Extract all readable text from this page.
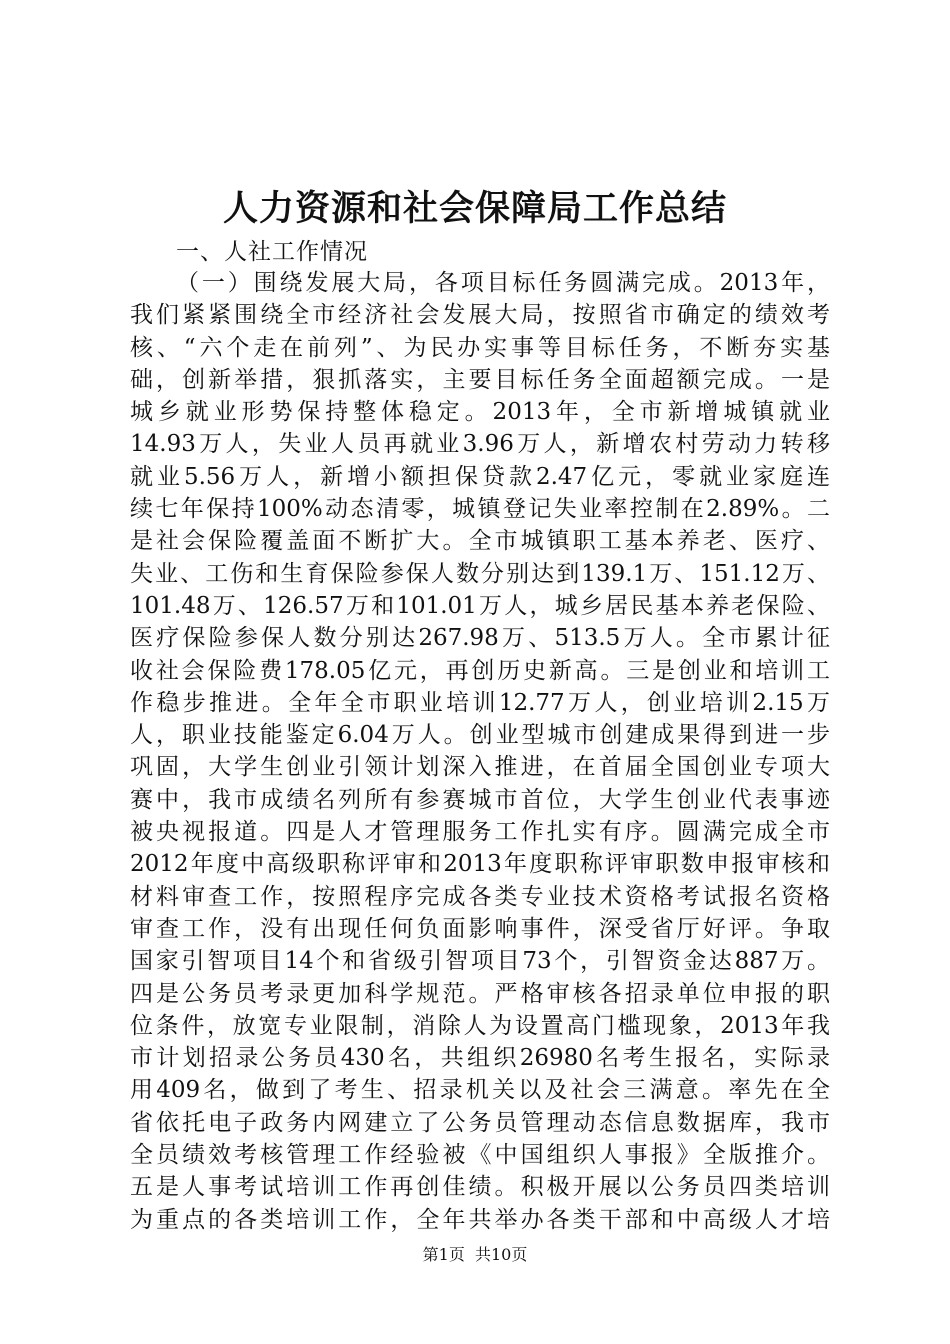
人力资源和社会保障局工作总结

一、人社工作情况

（一）围绕发展大局，各项目标任务圆满完成。2013年，
我们紧紧围绕全市经济社会发展大局，按照省市确定的绩效考
核、“六个走在前列”、为民办实事等目标任务，不断夯实基
础，创新举措，狠抓落实，主要目标任务全面超额完成。一是
城乡就业形势保持整体稳定。2013年，全市新增城镇就业
14.93万人，失业人员再就业3.96万人，新增农村劳动力转移
就业5.56万人，新增小额担保贷款2.47亿元，零就业家庭连
续七年保持100%动态清零，城镇登记失业率控制在2.89%。二
是社会保险覆盖面不断扩大。全市城镇职工基本养老、医疗、
失业、工伤和生育保险参保人数分别达到139.1万、151.12万、
101.48万、126.57万和101.01万人，城乡居民基本养老保险、
医疗保险参保人数分别达267.98万、513.5万人。全市累计征
收社会保险费178.05亿元，再创历史新高。三是创业和培训工
作稳步推进。全年全市职业培训12.77万人，创业培训2.15万
人，职业技能鉴定6.04万人。创业型城市创建成果得到进一步
巩固，大学生创业引领计划深入推进，在首届全国创业专项大
赛中，我市成绩名列所有参赛城市首位，大学生创业代表事迹
被央视报道。四是人才管理服务工作扎实有序。圆满完成全市
2012年度中高级职称评审和2013年度职称评审职数申报审核和
材料审查工作，按照程序完成各类专业技术资格考试报名资格
审查工作，没有出现任何负面影响事件，深受省厅好评。争取
国家引智项目14个和省级引智项目73个，引智资金达887万。
四是公务员考录更加科学规范。严格审核各招录单位申报的职
位条件，放宽专业限制，消除人为设置高门槛现象，2013年我
市计划招录公务员430名，共组织26980名考生报名，实际录
用409名，做到了考生、招录机关以及社会三满意。率先在全
省依托电子政务内网建立了公务员管理动态信息数据库，我市
全员绩效考核管理工作经验被《中国组织人事报》全版推介。
五是人事考试培训工作再创佳绩。积极开展以公务员四类培训
为重点的各类培训工作，全年共举办各类干部和中高级人才培

第1页  共10页
